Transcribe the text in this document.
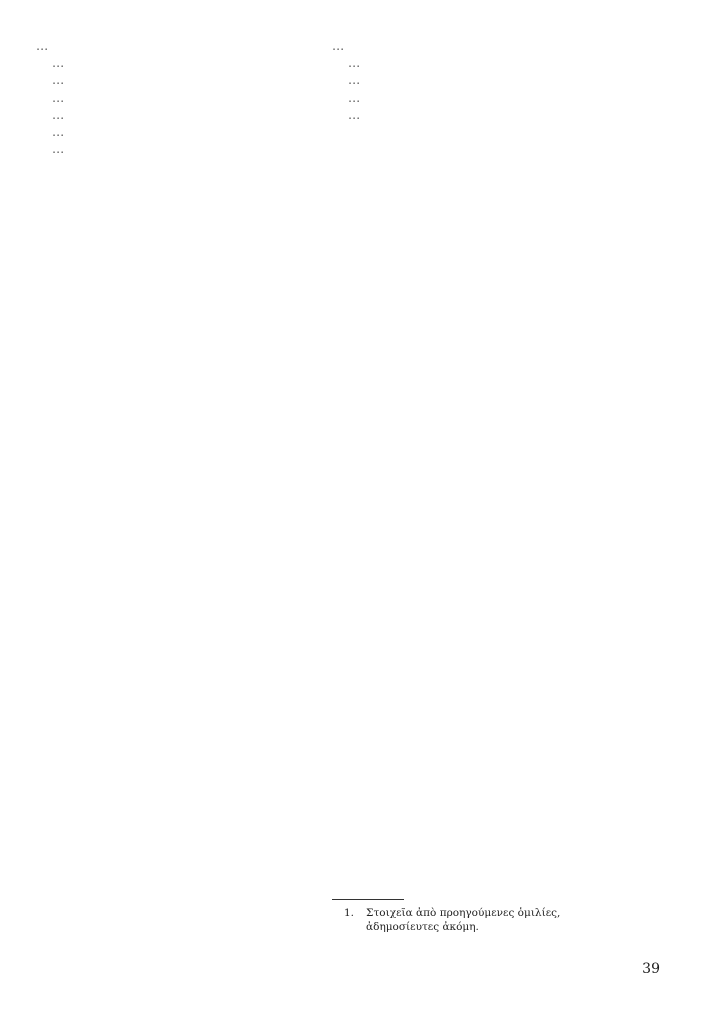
…

…

…

…

…

…

…

…

…

…

…

…

1.	Στοιχεῖα ἀπὸ προηγούμενες ὁμιλίες, ἀδημοσίευτες ἀκόμη.
39
